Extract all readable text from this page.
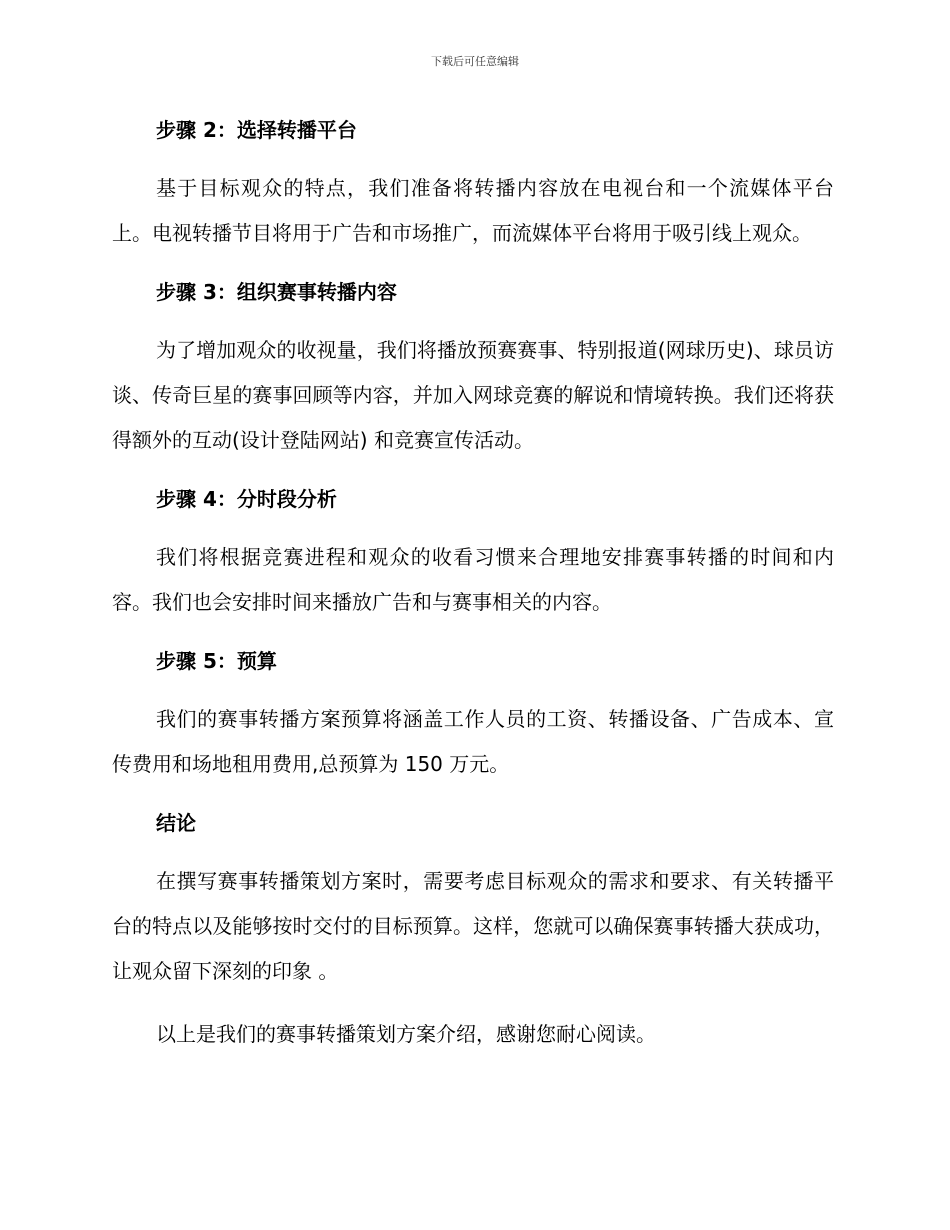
下载后可任意编辑

步骤 2：选择转播平台

基于目标观众的特点，我们准备将转播内容放在电视台和一个流媒体平台上。电视转播节目将用于广告和市场推广，而流媒体平台将用于吸引线上观众。

步骤 3：组织赛事转播内容

为了增加观众的收视量，我们将播放预赛赛事、特别报道(网球历史)、球员访谈、传奇巨星的赛事回顾等内容，并加入网球竞赛的解说和情境转换。我们还将获得额外的互动(设计登陆网站) 和竞赛宣传活动。

步骤 4：分时段分析

我们将根据竞赛进程和观众的收看习惯来合理地安排赛事转播的时间和内容。我们也会安排时间来播放广告和与赛事相关的内容。

步骤 5：预算

我们的赛事转播方案预算将涵盖工作人员的工资、转播设备、广告成本、宣传费用和场地租用费用,总预算为 150 万元。

结论

在撰写赛事转播策划方案时，需要考虑目标观众的需求和要求、有关转播平台的特点以及能够按时交付的目标预算。这样，您就可以确保赛事转播大获成功，让观众留下深刻的印象 。

以上是我们的赛事转播策划方案介绍，感谢您耐心阅读。
